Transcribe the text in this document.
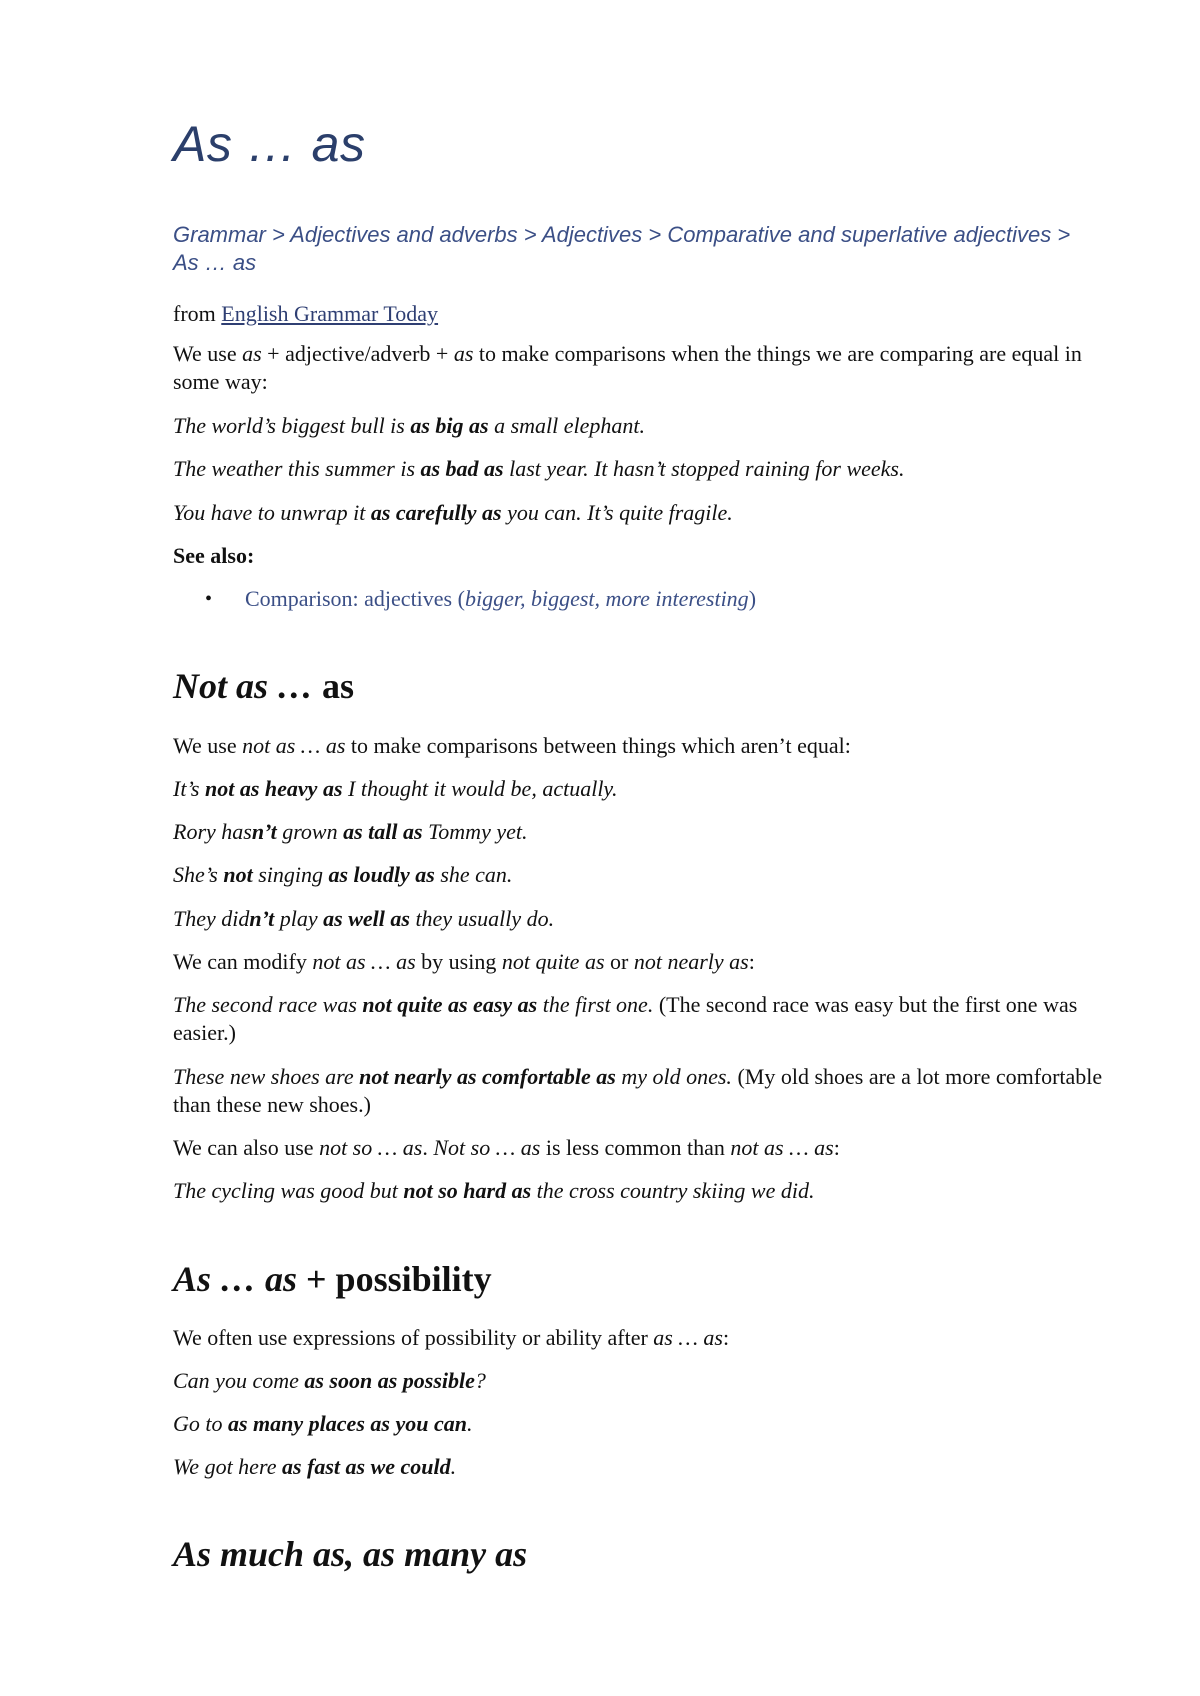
As … as
Grammar > Adjectives and adverbs > Adjectives > Comparative and superlative adjectives > As … as

from English Grammar Today

We use as + adjective/adverb + as to make comparisons when the things we are comparing are equal in some way:

The world’s biggest bull is as big as a small elephant.

The weather this summer is as bad as last year. It hasn’t stopped raining for weeks.

You have to unwrap it as carefully as you can. It’s quite fragile.

See also:

• Comparison: adjectives (bigger, biggest, more interesting)
Not as … as

We use not as … as to make comparisons between things which aren’t equal:

It’s not as heavy as I thought it would be, actually.

Rory hasn’t grown as tall as Tommy yet.

She’s not singing as loudly as she can.

They didn’t play as well as they usually do.

We can modify not as … as by using not quite as or not nearly as:

The second race was not quite as easy as the first one. (The second race was easy but the first one was easier.)

These new shoes are not nearly as comfortable as my old ones. (My old shoes are a lot more comfortable than these new shoes.)

We can also use not so … as. Not so … as is less common than not as … as:

The cycling was good but not so hard as the cross country skiing we did.

As … as + possibility

We often use expressions of possibility or ability after as … as:

Can you come as soon as possible?

Go to as many places as you can.

We got here as fast as we could.

As much as, as many as
